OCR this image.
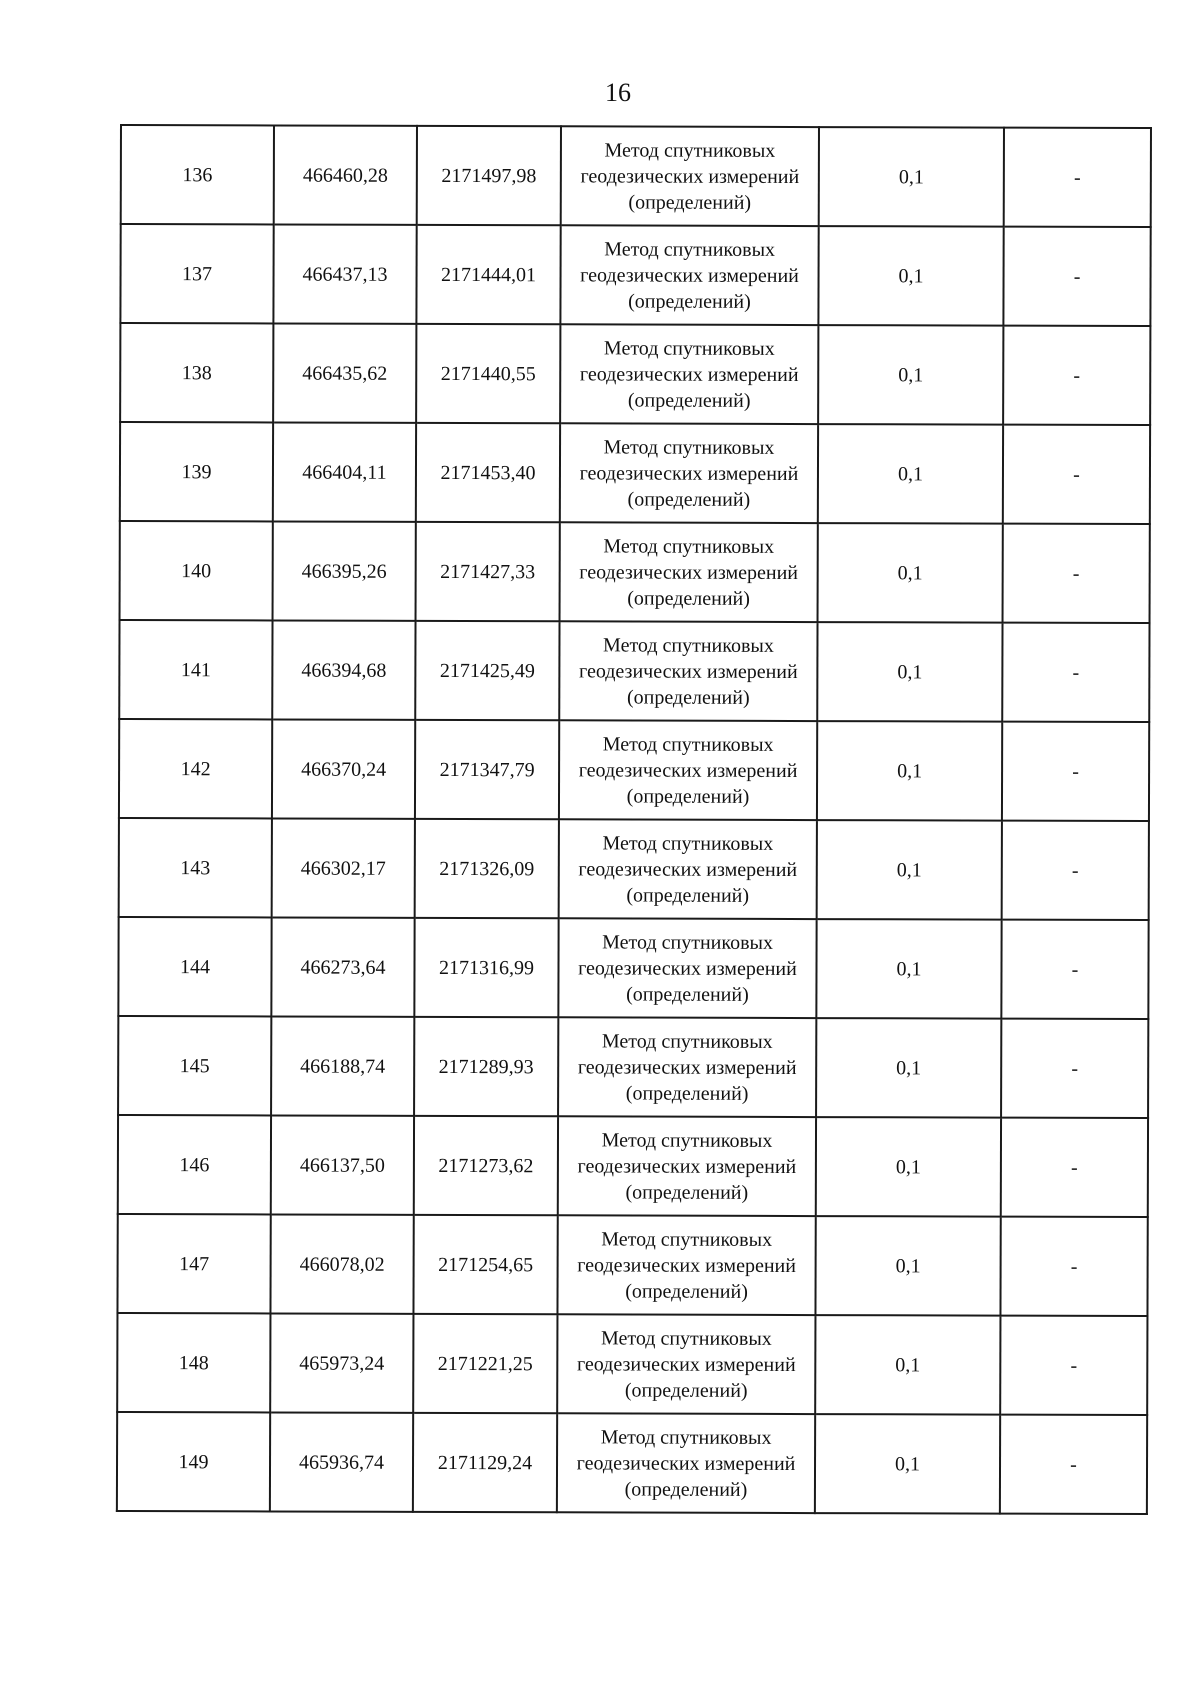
16
136	466460,28	2171497,98	Метод спутниковых
геодезических измерений
(определений)	0,1	-
137	466437,13	2171444,01	Метод спутниковых
геодезических измерений
(определений)	0,1	-
138	466435,62	2171440,55	Метод спутниковых
геодезических измерений
(определений)	0,1	-
139	466404,11	2171453,40	Метод спутниковых
геодезических измерений
(определений)	0,1	-
140	466395,26	2171427,33	Метод спутниковых
геодезических измерений
(определений)	0,1	-
141	466394,68	2171425,49	Метод спутниковых
геодезических измерений
(определений)	0,1	-
142	466370,24	2171347,79	Метод спутниковых
геодезических измерений
(определений)	0,1	-
143	466302,17	2171326,09	Метод спутниковых
геодезических измерений
(определений)	0,1	-
144	466273,64	2171316,99	Метод спутниковых
геодезических измерений
(определений)	0,1	-
145	466188,74	2171289,93	Метод спутниковых
геодезических измерений
(определений)	0,1	-
146	466137,50	2171273,62	Метод спутниковых
геодезических измерений
(определений)	0,1	-
147	466078,02	2171254,65	Метод спутниковых
геодезических измерений
(определений)	0,1	-
148	465973,24	2171221,25	Метод спутниковых
геодезических измерений
(определений)	0,1	-
149	465936,74	2171129,24	Метод спутниковых
геодезических измерений
(определений)	0,1	-
